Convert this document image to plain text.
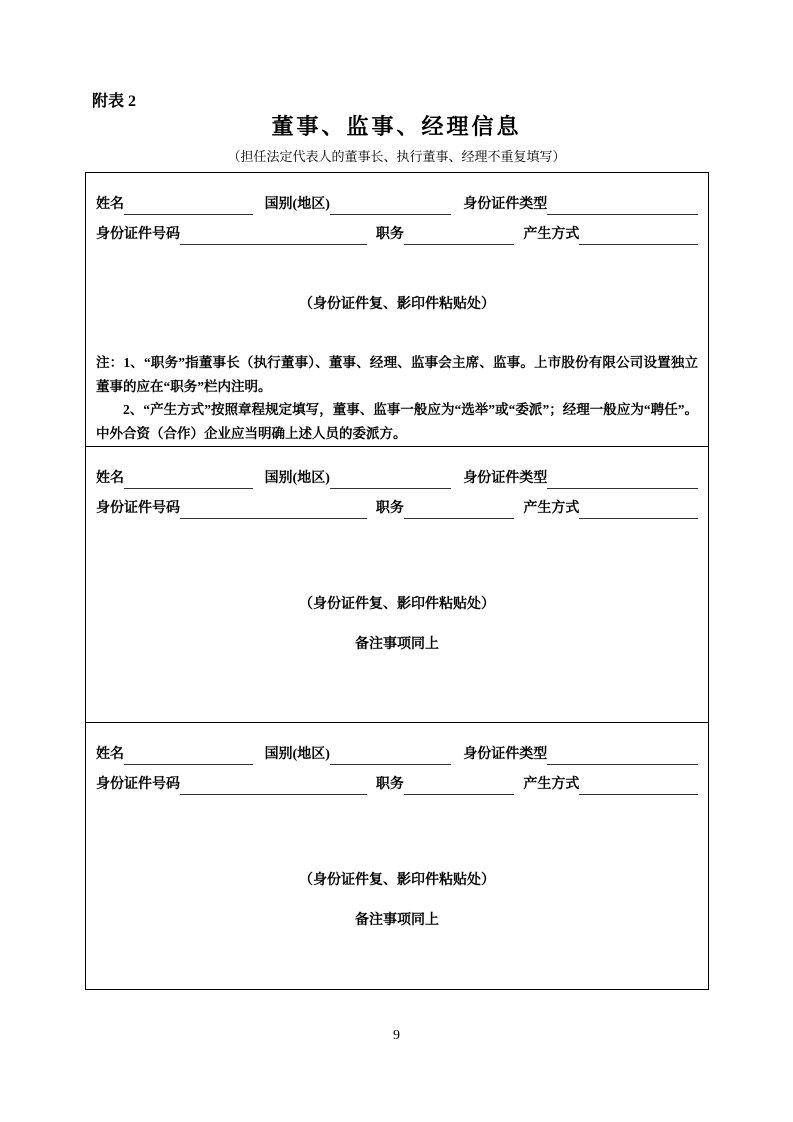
附表 2
董事、监事、经理信息
（担任法定代表人的董事长、执行董事、经理不重复填写）
姓名	国别(地区)	身份证件类型
身份证件号码	职务	产生方式
（身份证件复、影印件粘贴处）

注：1、“职务”指董事长（执行董事）、董事、经理、监事会主席、监事。上市股份有限公司设置独立董事的应在“职务”栏内注明。

2、“产生方式”按照章程规定填写，董事、监事一般应为“选举”或“委派”；经理一般应为“聘任”。中外合资（合作）企业应当明确上述人员的委派方。

姓名	国别(地区)	身份证件类型
身份证件号码	职务	产生方式
（身份证件复、影印件粘贴处）
备注事项同上
姓名	国别(地区)	身份证件类型
身份证件号码	职务	产生方式
（身份证件复、影印件粘贴处）
备注事项同上
9
